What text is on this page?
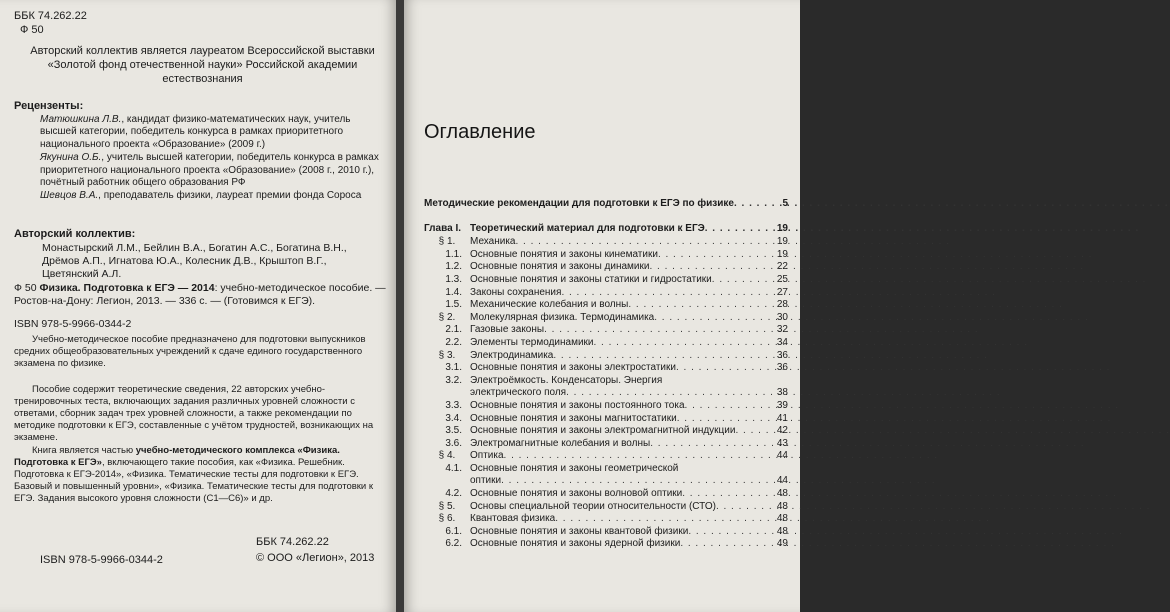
ББК 74.262.22
Ф 50
Авторский коллектив является лауреатом Всероссийской выставки «Золотой фонд отечественной науки» Российской академии естествознания
Рецензенты:
Матюшкина Л.В., кандидат физико-математических наук, учитель высшей категории, победитель конкурса в рамках приоритетного национального проекта «Образование» (2009 г.)
Якунина О.Б., учитель высшей категории, победитель конкурса в рамках приоритетного национального проекта «Образование» (2008 г., 2010 г.), почётный работник общего образования РФ
Шевцов В.А., преподаватель физики, лауреат премии фонда Сороса
Авторский коллектив:
Монастырский Л.М., Бейлин В.А., Богатин А.С., Богатина В.Н., Дрёмов А.П., Игнатова Ю.А., Колесник Д.В., Крыштоп В.Г., Цветянский А.Л.
Ф 50 Физика. Подготовка к ЕГЭ — 2014: учебно-методическое пособие. — Ростов-на-Дону: Легион, 2013. — 336 с. — (Готовимся к ЕГЭ).
ISBN 978-5-9966-0344-2
Учебно-методическое пособие предназначено для подготовки выпускников средних общеобразовательных учреждений к сдаче единого государственного экзамена по физике.
Пособие содержит теоретические сведения, 22 авторских учебно-тренировочных теста, включающих задания различных уровней сложности с ответами, сборник задач трех уровней сложности, а также рекомендации по методике подготовки к ЕГЭ, составленные с учётом трудностей, возникающих на экзамене.
Книга является частью учебно-методического комплекса «Физика. Подготовка к ЕГЭ», включающего такие пособия, как «Физика. Решебник. Подготовка к ЕГЭ-2014», «Физика. Тематические тесты для подготовки к ЕГЭ. Базовый и повышенный уровни», «Физика. Тематические тесты для подготовки к ЕГЭ. Задания высокого уровня сложности (С1—С6)» и др.
ББК 74.262.22
ISBN 978-5-9966-0344-2	© ООО «Легион», 2013
Оглавление
Методические рекомендации для подготовки к ЕГЭ по физике . . .	5
Глава I. Теоретический материал для подготовки к ЕГЭ . . .	19
§ 1.	Механика . . .	19
1.1. Основные понятия и законы кинематики . . .	19
1.2. Основные понятия и законы динамики . . .	22
1.3. Основные понятия и законы статики и гидростатики . . .	25
1.4. Законы сохранения . . .	27
1.5. Механические колебания и волны . . .	28
§ 2.	Молекулярная физика. Термодинамика . . .	30
2.1. Газовые законы . . .	32
2.2. Элементы термодинамики . . .	34
§ 3.	Электродинамика . . .	36
3.1. Основные понятия и законы электростатики . . .	36
3.2. Электроёмкость. Конденсаторы. Энергия
электрического поля . . .	38
3.3. Основные понятия и законы постоянного тока . . .	39
3.4. Основные понятия и законы магнитостатики . . .	41
3.5. Основные понятия и законы электромагнитной индукции . . .	42
3.6. Электромагнитные колебания и волны . . .	43
§ 4.	Оптика . . .	44
4.1. Основные понятия и законы геометрической
оптики . . .	44
4.2. Основные понятия и законы волновой оптики . . .	48
§ 5.	Основы специальной теории относительности (СТО) . . .	48
§ 6.	Квантовая физика . . .	48
6.1. Основные понятия и законы квантовой физики . . .	48
6.2. Основные понятия и законы ядерной физики . . .	49
